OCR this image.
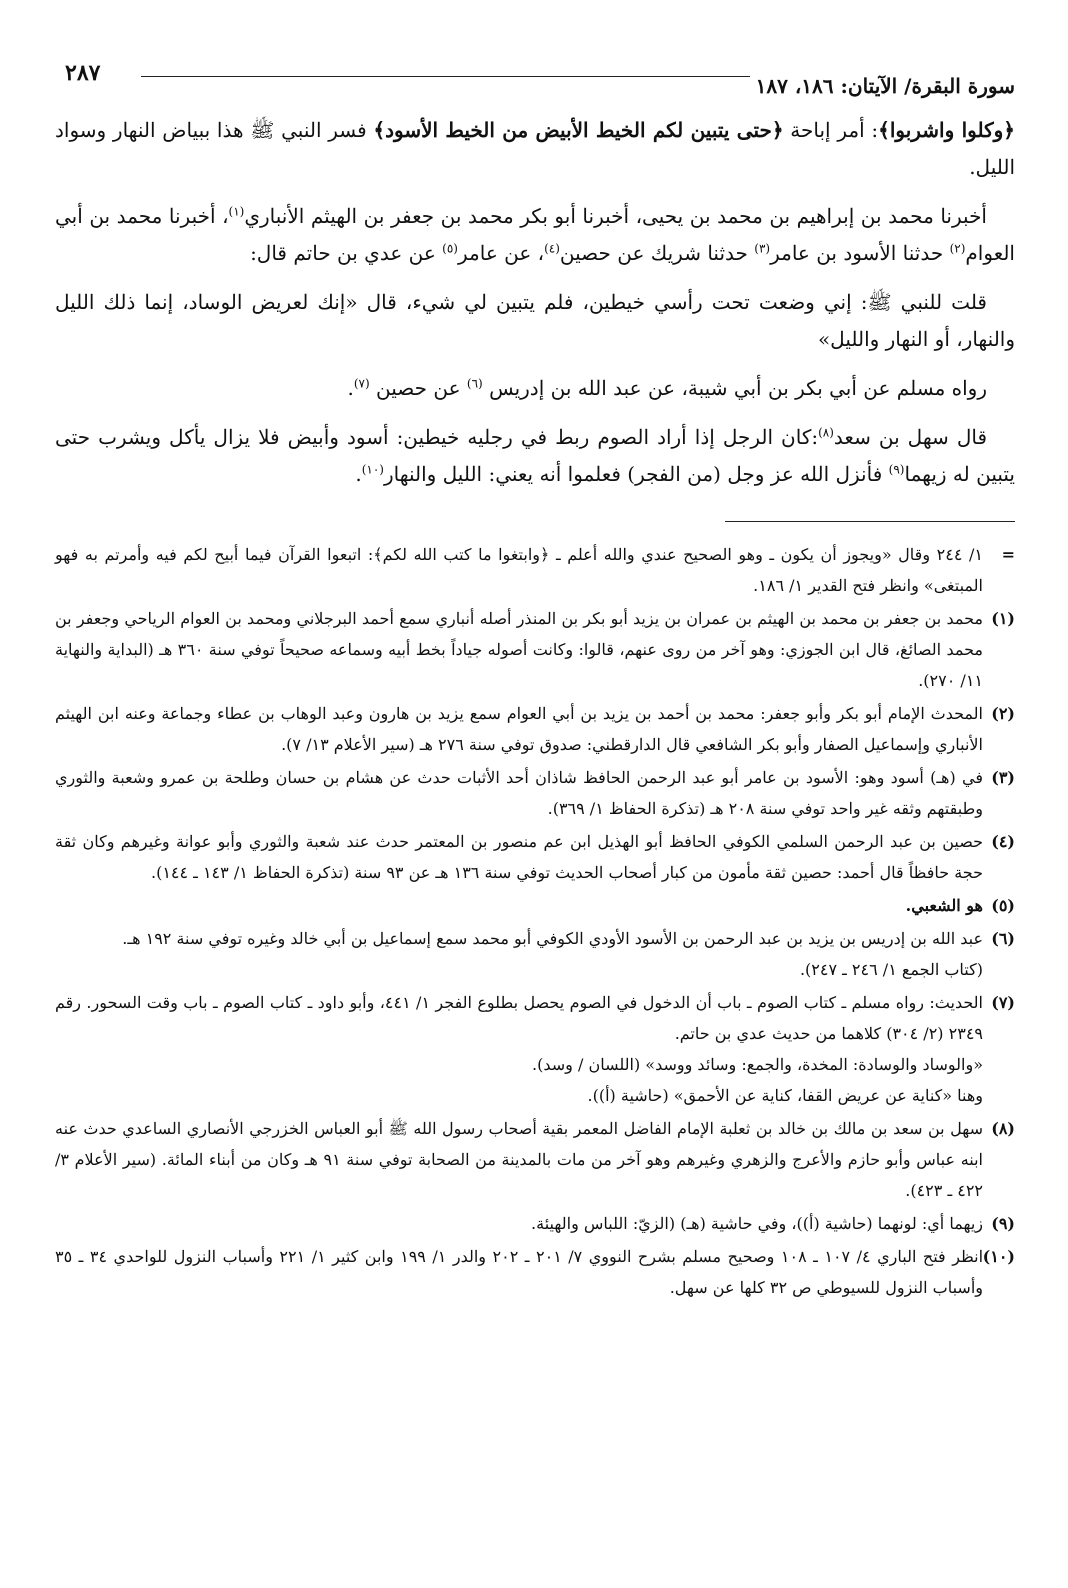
سورة البقرة/ الآيتان: ١٨٦، ١٨٧
٢٨٧

﴿وكلوا واشربوا﴾: أمر إباحة ﴿حتى يتبين لكم الخيط الأبيض من الخيط الأسود﴾ فسر النبي ﷺ هذا ببياض النهار وسواد الليل.

أخبرنا محمد بن إبراهيم بن محمد بن يحيى، أخبرنا أبو بكر محمد بن جعفر بن الهيثم الأنباري$^{(١)}$، أخبرنا محمد بن أبي العوام$^{(٢)}$ حدثنا الأسود بن عامر$^{(٣)}$ حدثنا شريك عن حصين$^{(٤)}$، عن عامر$^{(٥)}$ عن عدي بن حاتم قال:

قلت للنبي ﷺ: إني وضعت تحت رأسي خيطين، فلم يتبين لي شيء، قال «إنك لعريض الوساد، إنما ذلك الليل والنهار، أو النهار والليل»

رواه مسلم عن أبي بكر بن أبي شيبة، عن عبد الله بن إدريس $^{(٦)}$ عن حصين $^{(٧)}$.

قال سهل بن سعد$^{(٨)}$:كان الرجل إذا أراد الصوم ربط في رجليه خيطين: أسود وأبيض فلا يزال يأكل ويشرب حتى يتبين له زيهما$^{(٩)}$ فأنزل الله عز وجل (من الفجر) فعلموا أنه يعني: الليل والنهار$^{(١٠)}$.

=
١/ ٢٤٤ وقال «ويجوز أن يكون ـ وهو الصحيح عندي والله أعلم ـ ﴿وابتغوا ما كتب الله لكم﴾: اتبعوا القرآن فيما أبيح لكم فيه وأمرتم به فهو المبتغى» وانظر فتح القدير ١/ ١٨٦.
(١)
محمد بن جعفر بن محمد بن الهيثم بن عمران بن يزيد أبو بكر بن المنذر أصله أنباري سمع أحمد البرجلاني ومحمد بن العوام الرياحي وجعفر بن محمد الصائغ، قال ابن الجوزي: وهو آخر من روى عنهم، قالوا: وكانت أصوله جياداً بخط أبيه وسماعه صحيحاً توفي سنة ٣٦٠ هـ (البداية والنهاية ١١/ ٢٧٠).
(٢)
المحدث الإمام أبو بكر وأبو جعفر: محمد بن أحمد بن يزيد بن أبي العوام سمع يزيد بن هارون وعبد الوهاب بن عطاء وجماعة وعنه ابن الهيثم الأنباري وإسماعيل الصفار وأبو بكر الشافعي قال الدارقطني: صدوق توفي سنة ٢٧٦ هـ (سير الأعلام ١٣/ ٧).
(٣)
في (هـ) أسود وهو: الأسود بن عامر أبو عبد الرحمن الحافظ شاذان أحد الأثبات حدث عن هشام بن حسان وطلحة بن عمرو وشعبة والثوري وطبقتهم وثقه غير واحد توفي سنة ٢٠٨ هـ (تذكرة الحفاظ ١/ ٣٦٩).
(٤)
حصين بن عبد الرحمن السلمي الكوفي الحافظ أبو الهذيل ابن عم منصور بن المعتمر حدث عند شعبة والثوري وأبو عوانة وغيرهم وكان ثقة حجة حافظاً قال أحمد: حصين ثقة مأمون من كبار أصحاب الحديث توفي سنة ١٣٦ هـ عن ٩٣ سنة (تذكرة الحفاظ ١/ ١٤٣ ـ ١٤٤).
(٥)
هو الشعبي.
(٦)
عبد الله بن إدريس بن يزيد بن عبد الرحمن بن الأسود الأودي الكوفي أبو محمد سمع إسماعيل بن أبي خالد وغيره توفي سنة ١٩٢ هـ.
(كتاب الجمع ١/ ٢٤٦ ـ ٢٤٧).
(٧)
الحديث: رواه مسلم ـ كتاب الصوم ـ باب أن الدخول في الصوم يحصل بطلوع الفجر ١/ ٤٤١، وأبو داود ـ كتاب الصوم ـ باب وقت السحور. رقم ٢٣٤٩ (٢/ ٣٠٤) كلاهما من حديث عدي بن حاتم.
«والوساد والوسادة: المخدة، والجمع: وسائد ووسد» (اللسان / وسد).
وهنا «كناية عن عريض القفا، كناية عن الأحمق» (حاشية (أ)).
(٨)
سهل بن سعد بن مالك بن خالد بن ثعلبة الإمام الفاضل المعمر بقية أصحاب رسول الله ﷺ أبو العباس الخزرجي الأنصاري الساعدي حدث عنه ابنه عباس وأبو حازم والأعرج والزهري وغيرهم وهو آخر من مات بالمدينة من الصحابة توفي سنة ٩١ هـ وكان من أبناء المائة. (سير الأعلام ٣/ ٤٢٢ ـ ٤٢٣).
(٩)
زيهما أي: لونهما (حاشية (أ))، وفي حاشية (هـ) (الزيّ: اللباس والهيئة.
(١٠)
انظر فتح الباري ٤/ ١٠٧ ـ ١٠٨ وصحيح مسلم بشرح النووي ٧/ ٢٠١ ـ ٢٠٢ والدر ١/ ١٩٩ وابن كثير ١/ ٢٢١ وأسباب النزول للواحدي ٣٤ ـ ٣٥ وأسباب النزول للسيوطي ص ٣٢ كلها عن سهل.
